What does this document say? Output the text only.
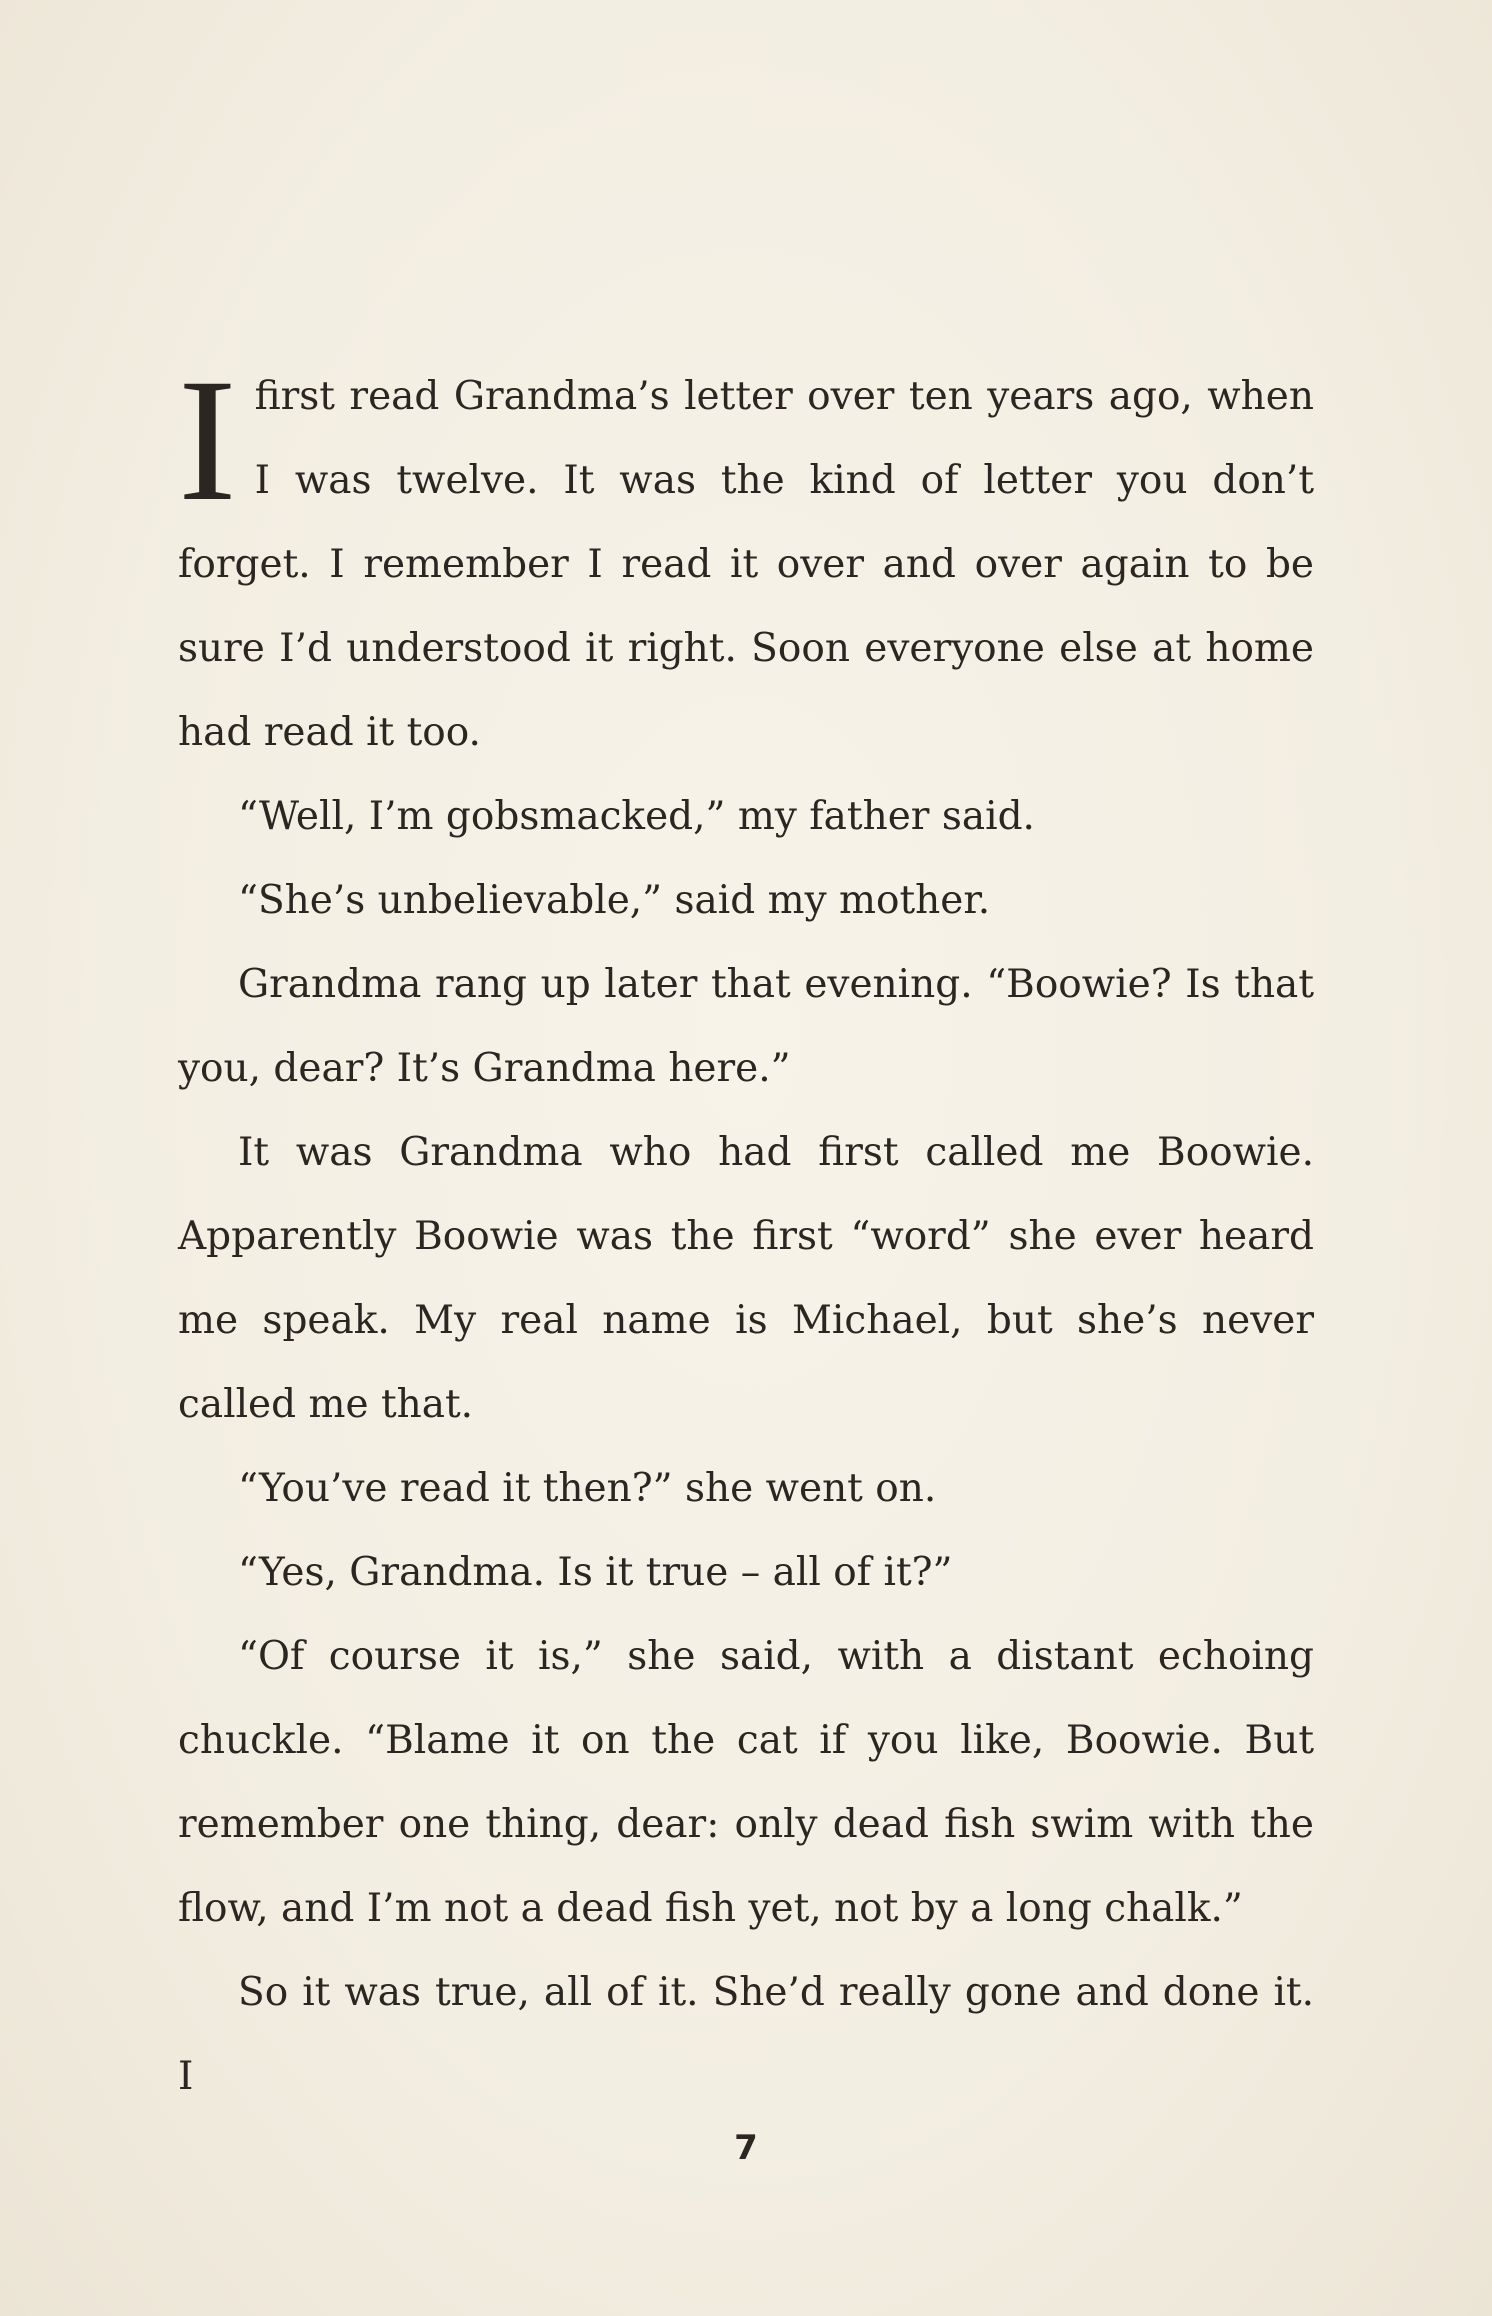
Ifirst read Grandma’s letter over ten years ago, when I was twelve. It was the kind of letter you don’t forget. I remember I read it over and over again to be sure I’d understood it right. Soon everyone else at home had read it too.

“Well, I’m gobsmacked,” my father said.

“She’s unbelievable,” said my mother.

Grandma rang up later that evening. “Boowie? Is that you, dear? It’s Grandma here.”

It was Grandma who had first called me Boowie. Apparently Boowie was the first “word” she ever heard me speak. My real name is Michael, but she’s never called me that.

“You’ve read it then?” she went on.

“Yes, Grandma. Is it true – all of it?”

“Of course it is,” she said, with a distant echoing chuckle. “Blame it on the cat if you like, Boowie. But remember one thing, dear: only dead fish swim with the flow, and I’m not a dead fish yet, not by a long chalk.”

So it was true, all of it. She’d really gone and done it. I

7
